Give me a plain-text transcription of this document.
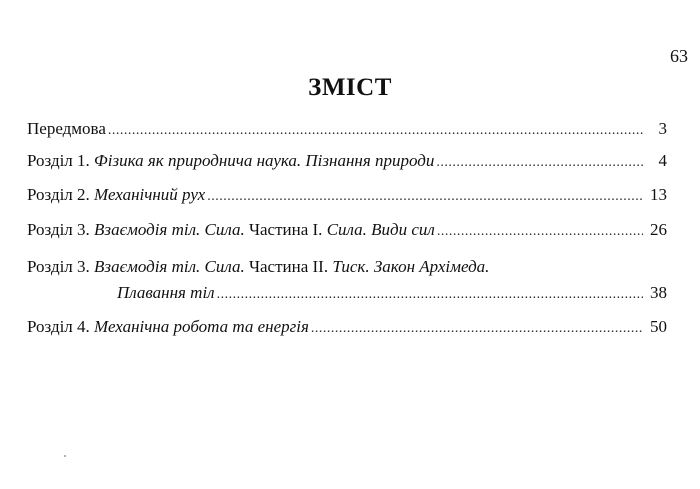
63
ЗМІСТ
Передмова .....	3
Розділ 1.
Фізика як природнича наука. Пізнання природи .....	4
Розділ 2.
Механічний рух .....	13
Розділ 3.
Взаємодія тіл. Сила.
Частина I.
Сила. Види сил .....	26
Розділ 3.
Взаємодія тіл. Сила.
Частина II.
Тиск. Закон Архімеда.
Плавання тіл .....	38
Розділ 4.
Механічна робота та енергія .....	50
